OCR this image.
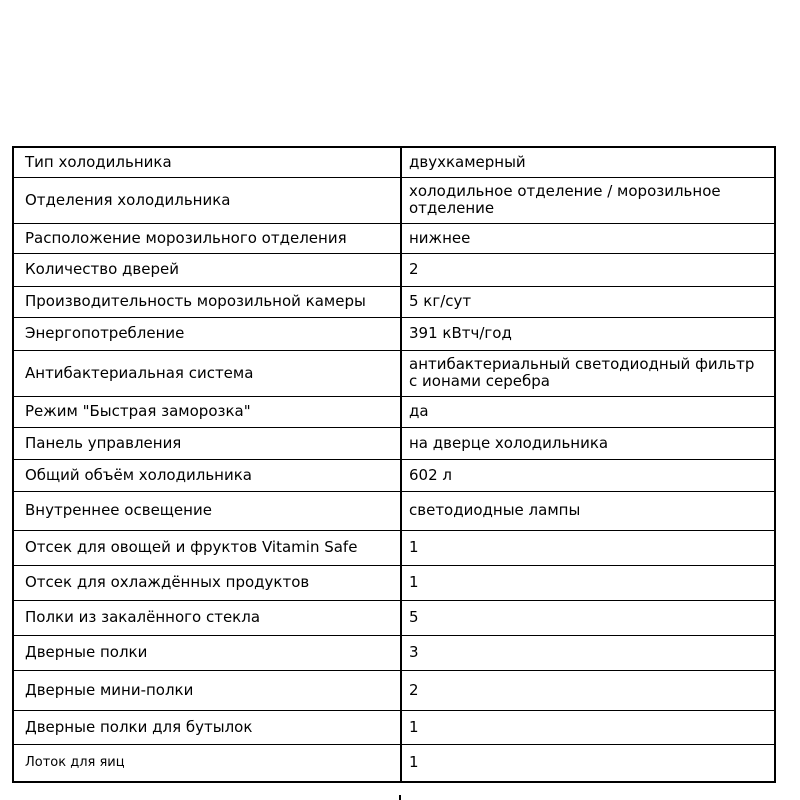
Тип холодильника	двухкамерный
Отделения холодильника	холодильное отделение / морозильное отделение
Расположение морозильного отделения	нижнее
Количество дверей	2
Производительность морозильной камеры	5 кг/сут
Энергопотребление	391 кВтч/год
Антибактериальная система	антибактериальный светодиодный фильтр с ионами серебра
Режим "Быстрая заморозка"	да
Панель управления	на дверце холодильника
Общий объём холодильника	602 л
Внутреннее освещение	светодиодные лампы
Отсек для овощей и фруктов Vitamin Safe	1
Отсек для охлаждённых продуктов	1
Полки из закалённого стекла	5
Дверные полки	3
Дверные мини-полки	2
Дверные полки для бутылок	1
Лоток для яиц	1
